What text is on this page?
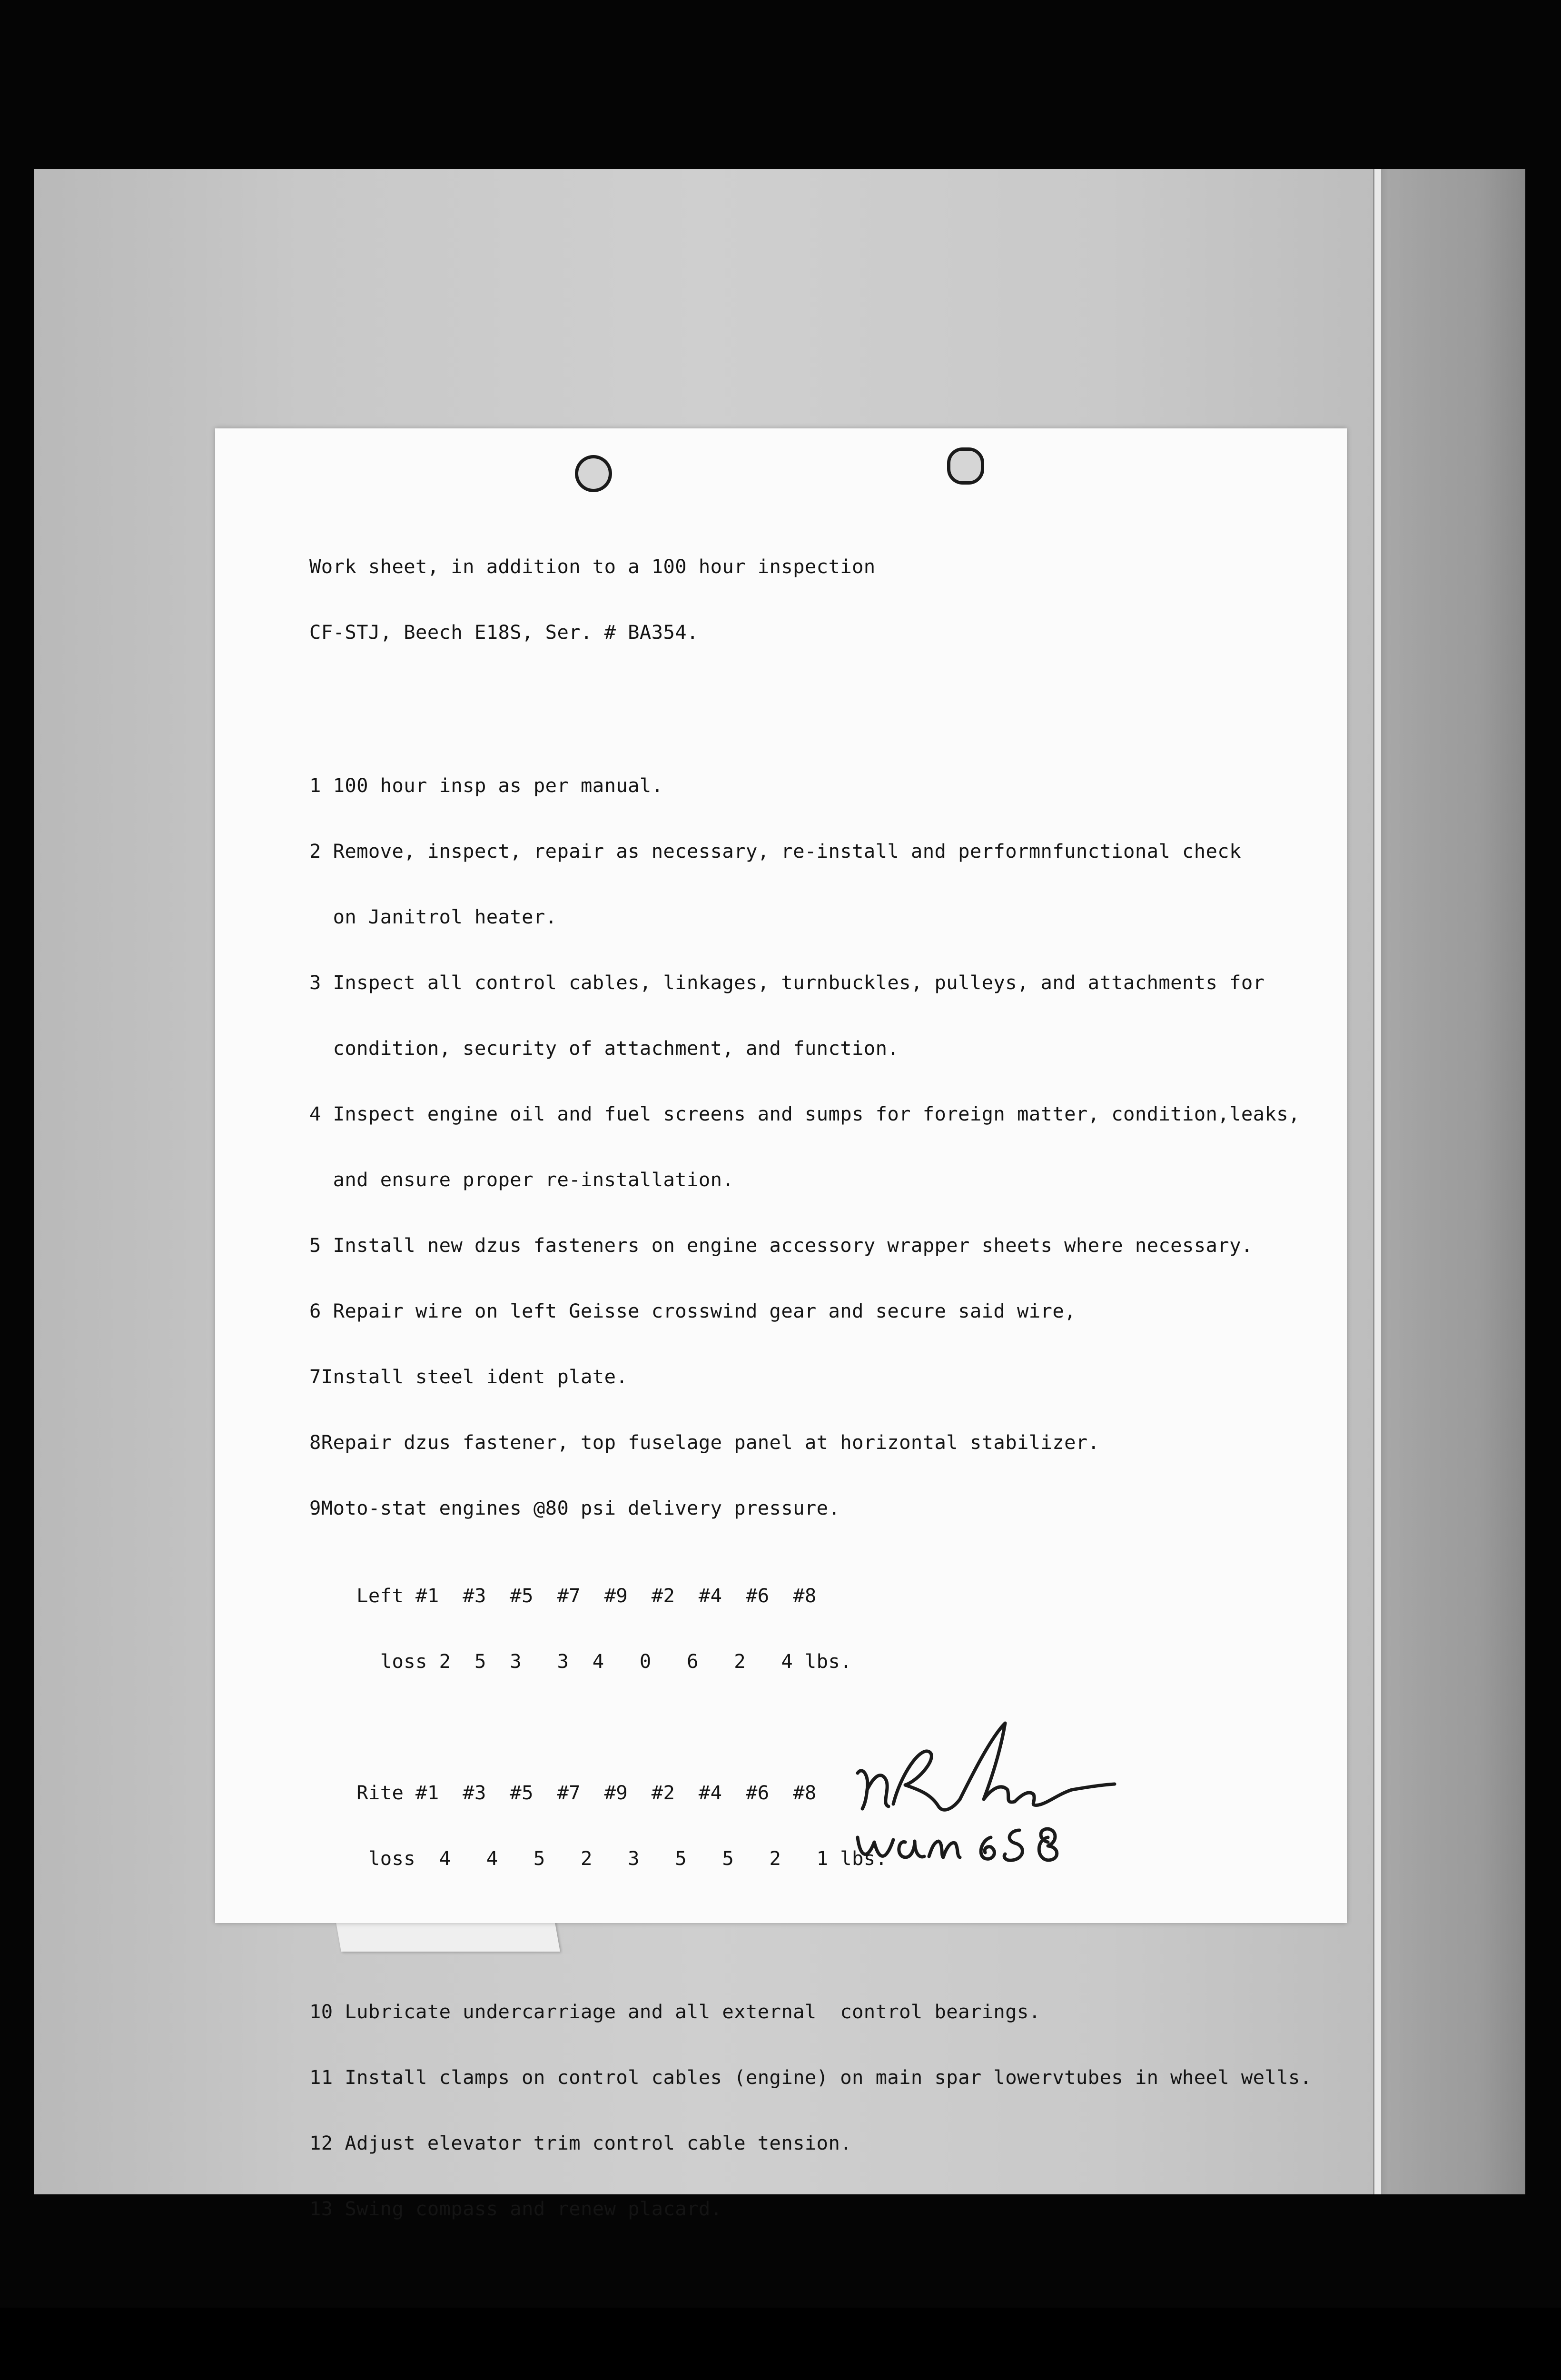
Work sheet, in addition to a 100 hour inspection

CF-STJ, Beech E18S, Ser. # BA354.

1 100 hour insp as per manual.

2 Remove, inspect, repair as necessary, re-install and performnfunctional check

on Janitrol heater.

3 Inspect all control cables, linkages, turnbuckles, pulleys, and attachments for

condition, security of attachment, and function.

4 Inspect engine oil and fuel screens and sumps for foreign matter, condition,leaks,

and ensure proper re-installation.

5 Install new dzus fasteners on engine accessory wrapper sheets where necessary.

6 Repair wire on left Geisse crosswind gear and secure said wire,

7Install steel ident plate.

8Repair dzus fastener, top fuselage panel at horizontal stabilizer.

9Moto-stat engines @80 psi delivery pressure.

Left #1  #3  #5  #7  #9  #2  #4  #6  #8

loss 2  5  3   3  4   0   6   2   4 lbs.

Rite #1  #3  #5  #7  #9  #2  #4  #6  #8

loss  4   4   5   2   3   5   5   2   1 lbs.

10 Lubricate undercarriage and all external  control bearings.

11 Install clamps on control cables (engine) on main spar lowervtubes in wheel wells.

12 Adjust elevator trim control cable tension.

13 Swing compass and renew placard.
